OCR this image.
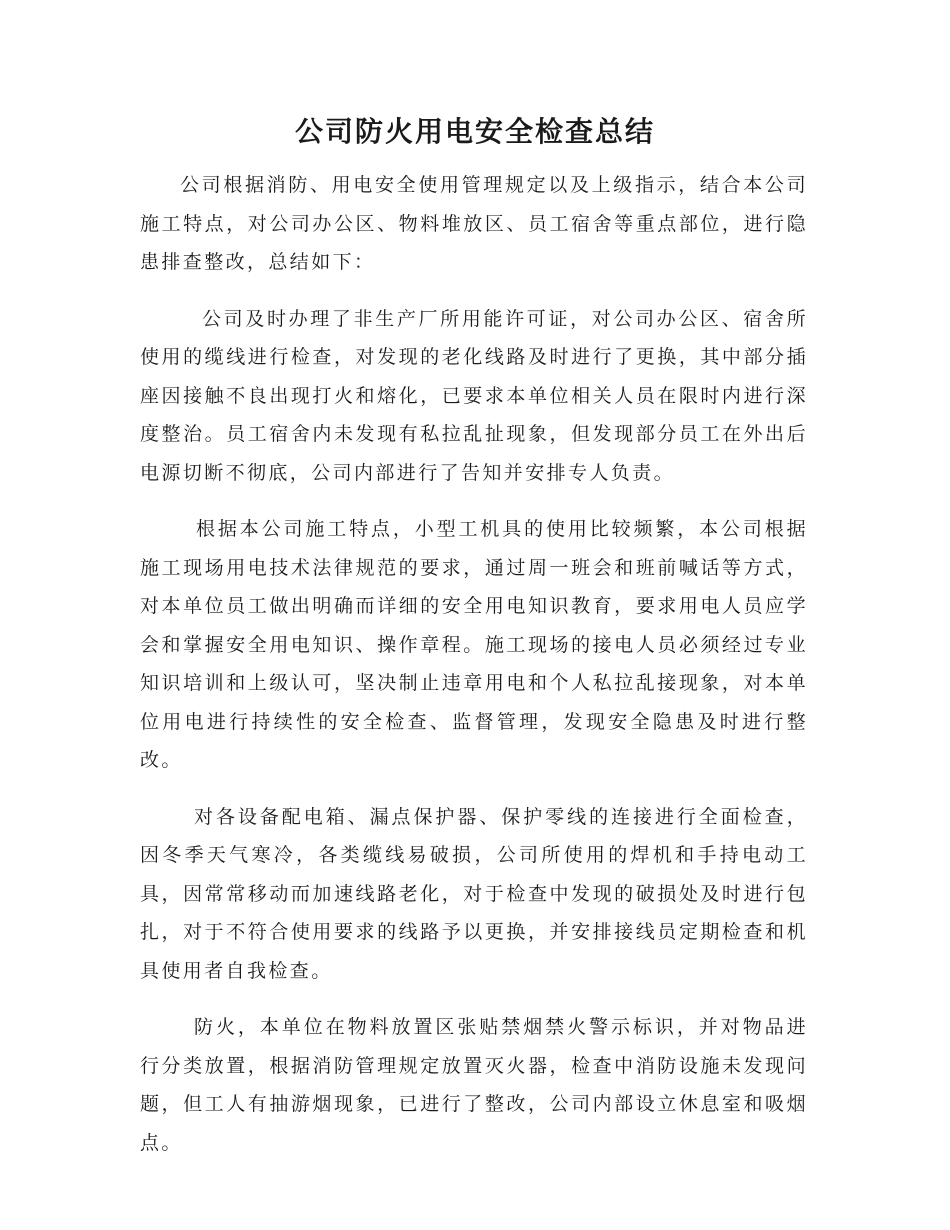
公司防火用电安全检查总结

公司根据消防、用电安全使用管理规定以及上级指示，结合本公司施工特点，对公司办公区、物料堆放区、员工宿舍等重点部位，进行隐患排查整改，总结如下：

公司及时办理了非生产厂所用能许可证，对公司办公区、宿舍所使用的缆线进行检查，对发现的老化线路及时进行了更换，其中部分插座因接触不良出现打火和熔化，已要求本单位相关人员在限时内进行深度整治。员工宿舍内未发现有私拉乱扯现象，但发现部分员工在外出后电源切断不彻底，公司内部进行了告知并安排专人负责。

根据本公司施工特点，小型工机具的使用比较频繁，本公司根据施工现场用电技术法律规范的要求，通过周一班会和班前喊话等方式，对本单位员工做出明确而详细的安全用电知识教育，要求用电人员应学会和掌握安全用电知识、操作章程。施工现场的接电人员必须经过专业知识培训和上级认可，坚决制止违章用电和个人私拉乱接现象，对本单位用电进行持续性的安全检查、监督管理，发现安全隐患及时进行整改。

对各设备配电箱、漏点保护器、保护零线的连接进行全面检查，因冬季天气寒冷，各类缆线易破损，公司所使用的焊机和手持电动工具，因常常移动而加速线路老化，对于检查中发现的破损处及时进行包扎，对于不符合使用要求的线路予以更换，并安排接线员定期检查和机具使用者自我检查。

防火，本单位在物料放置区张贴禁烟禁火警示标识，并对物品进行分类放置，根据消防管理规定放置灭火器，检查中消防设施未发现问题，但工人有抽游烟现象，已进行了整改，公司内部设立休息室和吸烟点。
